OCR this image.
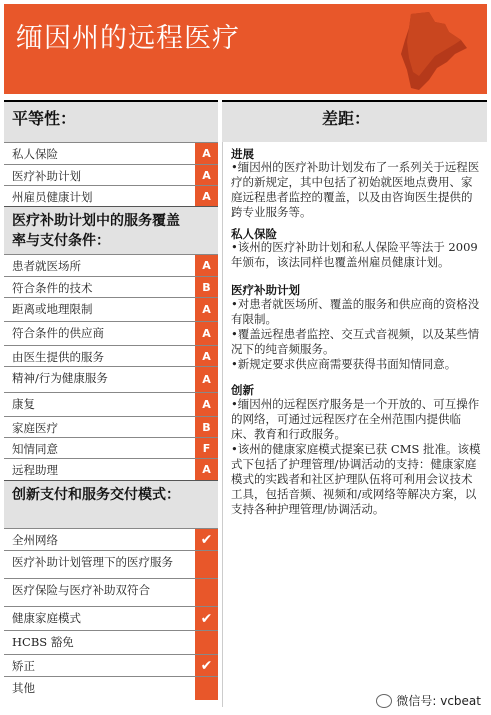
缅因州的远程医疗
平等性：	差距：
私人保险	A
医疗补助计划	A
州雇员健康计划	A
医疗补助计划中的服务覆盖率与支付条件：
患者就医场所	A
符合条件的技术	B
距离或地理限制	A
符合条件的供应商	A
由医生提供的服务	A
精神/行为健康服务	A
康复	A
家庭医疗	B
知情同意	F
远程助理	A
创新支付和服务交付模式：
全州网络	✔
医疗补助计划管理下的医疗服务
医疗保险与医疗补助双符合
健康家庭模式	✔
HCBS 豁免
矫正	✔
其他
进展
•缅因州的医疗补助计划发布了一系列关于远程医疗的新规定，其中包括了初始就医地点费用、家庭远程患者监控的覆盖，以及由咨询医生提供的跨专业服务等。
私人保险
•该州的医疗补助计划和私人保险平等法于 2009 年颁布，该法同样也覆盖州雇员健康计划。
医疗补助计划
•对患者就医场所、覆盖的服务和供应商的资格没有限制。
•覆盖远程患者监控、交互式音视频，以及某些情况下的纯音频服务。
•新规定要求供应商需要获得书面知情同意。
创新
•缅因州的远程医疗服务是一个开放的、可互操作的网络，可通过远程医疗在全州范围内提供临床、教育和行政服务。
•该州的健康家庭模式提案已获 CMS 批准。该模式下包括了护理管理/协调活动的支持：健康家庭模式的实践者和社区护理队伍将可利用会议技术工具，包括音频、视频和/或网络等解决方案，以支持各种护理管理/协调活动。
微信号: vcbeat
